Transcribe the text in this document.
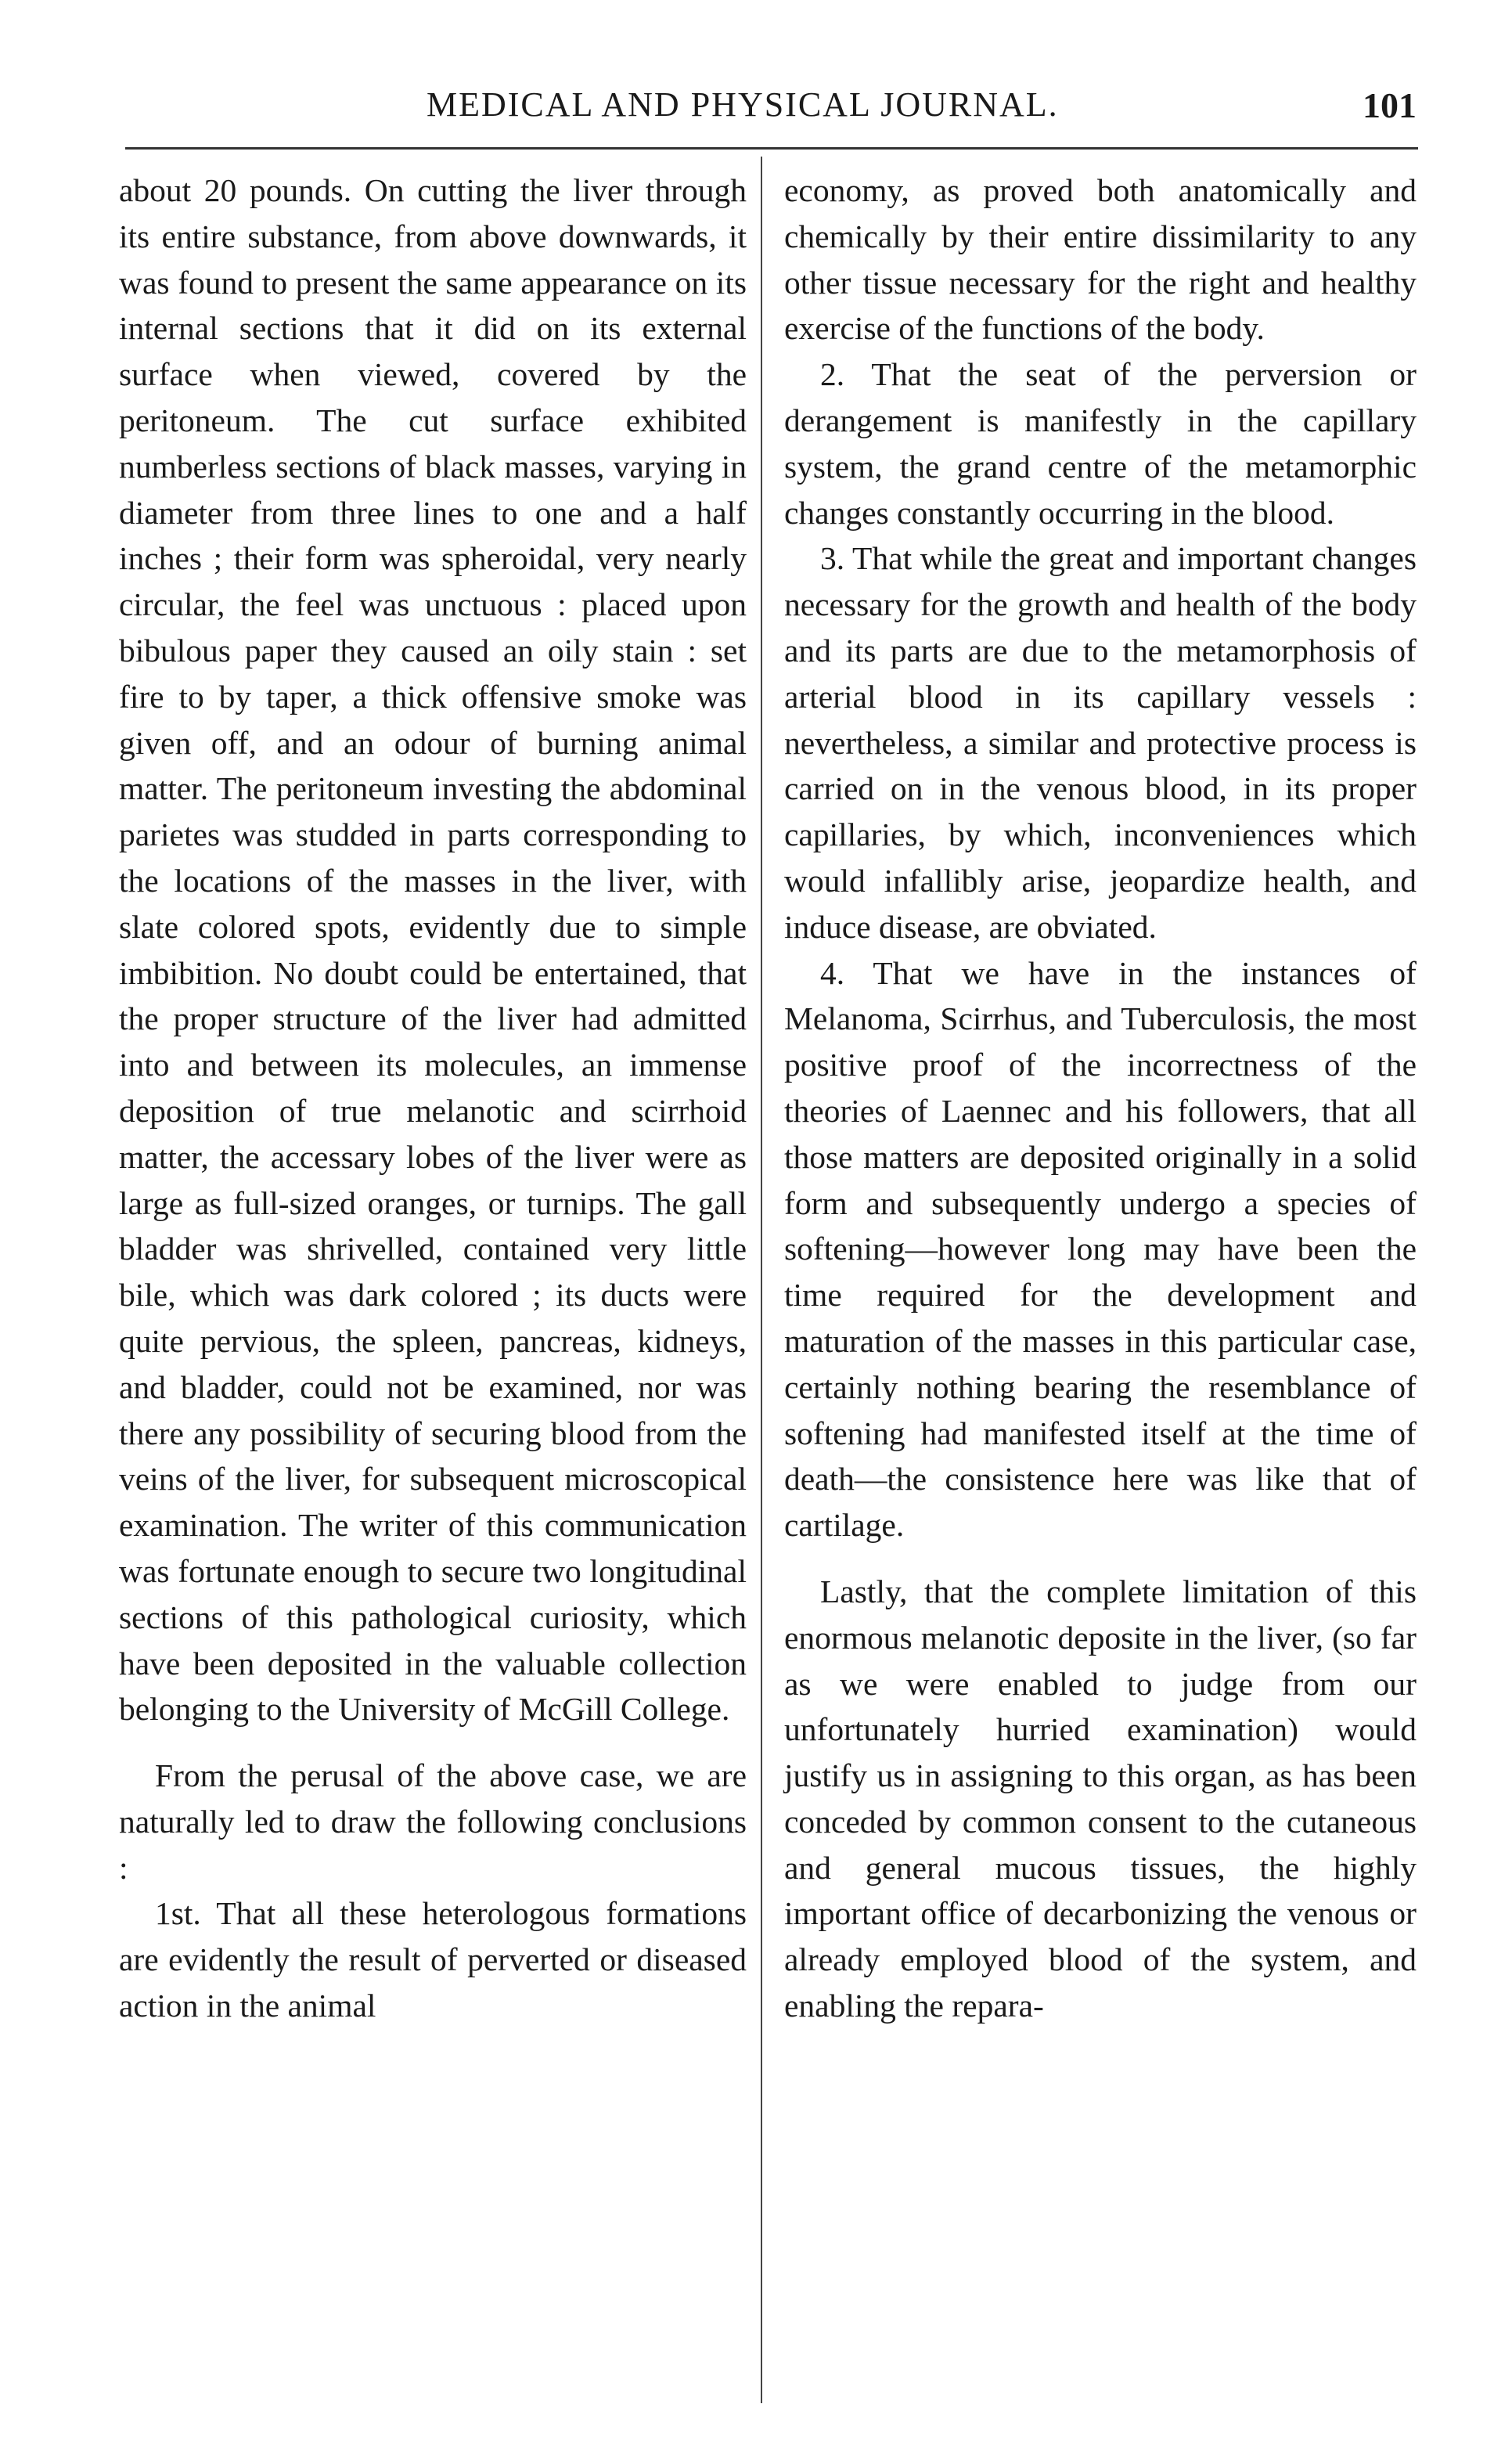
MEDICAL AND PHYSICAL JOURNAL.	101

about 20 pounds. On cutting the liver through its entire substance, from above downwards, it was found to present the same appearance on its internal sections that it did on its external surface when viewed, covered by the peritoneum. The cut surface exhibited numberless sections of black masses, varying in diameter from three lines to one and a half inches ; their form was spheroidal, very nearly circular, the feel was unctuous : placed upon bibulous paper they caused an oily stain : set fire to by taper, a thick offensive smoke was given off, and an odour of burning animal matter. The peritoneum investing the abdominal parietes was studded in parts corresponding to the locations of the masses in the liver, with slate colored spots, evidently due to simple imbibition. No doubt could be entertained, that the proper structure of the liver had admitted into and between its molecules, an immense deposition of true melanotic and scirrhoid matter, the accessary lobes of the liver were as large as full-sized oranges, or turnips. The gall bladder was shrivelled, contained very little bile, which was dark colored ; its ducts were quite pervious, the spleen, pancreas, kidneys, and bladder, could not be examined, nor was there any possibility of securing blood from the veins of the liver, for subsequent microscopical examination. The writer of this communication was fortunate enough to secure two longitudinal sections of this pathological curiosity, which have been deposited in the valuable collection belonging to the University of McGill College.

From the perusal of the above case, we are naturally led to draw the following conclusions :

1st. That all these heterologous formations are evidently the result of perverted or diseased action in the animal

economy, as proved both anatomically and chemically by their entire dissimilarity to any other tissue necessary for the right and healthy exercise of the functions of the body.

2. That the seat of the perversion or derangement is manifestly in the capillary system, the grand centre of the metamorphic changes constantly occurring in the blood.

3. That while the great and important changes necessary for the growth and health of the body and its parts are due to the metamorphosis of arterial blood in its capillary vessels : nevertheless, a similar and protective process is carried on in the venous blood, in its proper capillaries, by which, inconveniences which would infallibly arise, jeopardize health, and induce disease, are obviated.

4. That we have in the instances of Melanoma, Scirrhus, and Tuberculosis, the most positive proof of the incorrectness of the theories of Laennec and his followers, that all those matters are deposited originally in a solid form and subsequently undergo a species of softening—however long may have been the time required for the development and maturation of the masses in this particular case, certainly nothing bearing the resemblance of softening had manifested itself at the time of death—the consistence here was like that of cartilage.

Lastly, that the complete limitation of this enormous melanotic deposite in the liver, (so far as we were enabled to judge from our unfortunately hurried examination) would justify us in assigning to this organ, as has been conceded by common consent to the cutaneous and general mucous tissues, the highly important office of decarbonizing the venous or already employed blood of the system, and enabling the repara-
